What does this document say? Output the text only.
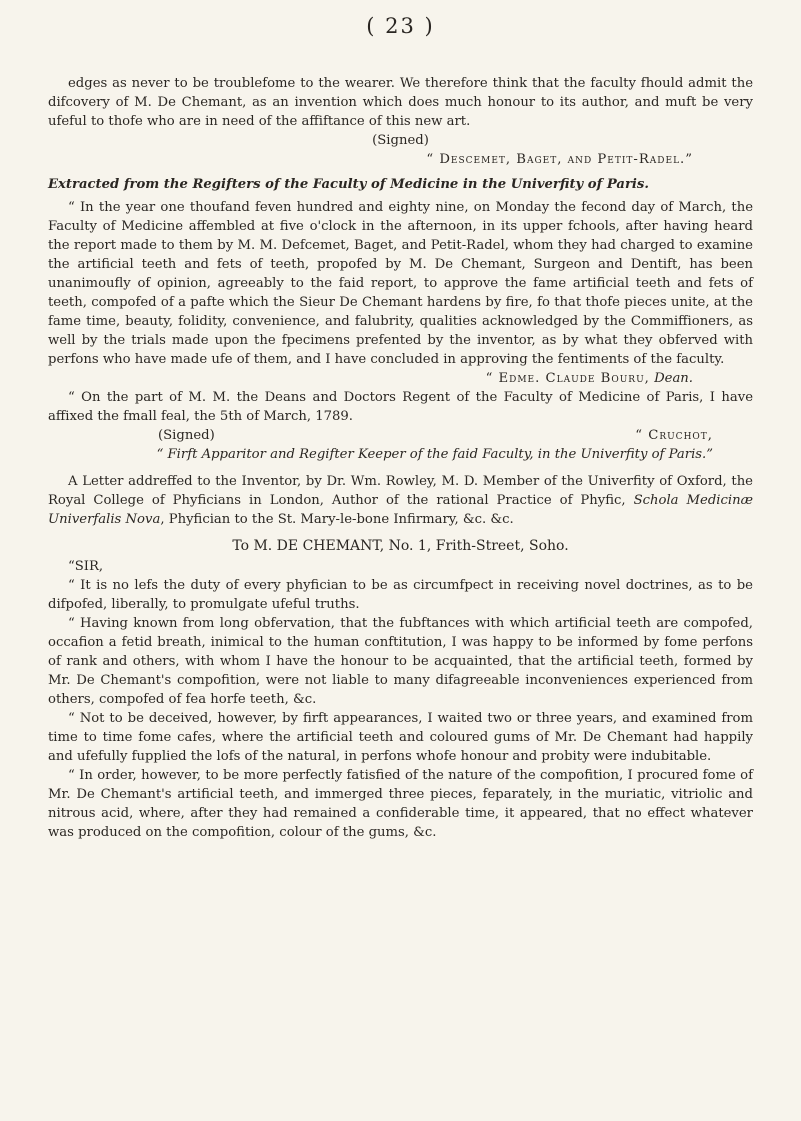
( 23 )

edges as never to be troublefome to the wearer. We therefore think that the faculty fhould admit the difcovery of M. De Chemant, as an invention which does much honour to its author, and muft be very ufeful to thofe who are in need of the affiftance of this new art.

(Signed)

“ Descemet, Baget, and Petit-Radel.”

Extracted from the Regifters of the Faculty of Medicine in the Univerfity of Paris.

“ In the year one thoufand feven hundred and eighty nine, on Monday the fecond day of March, the Faculty of Medicine affembled at five o'clock in the afternoon, in its upper fchools, after having heard the report made to them by M. M. Defcemet, Baget, and Petit-Radel, whom they had charged to examine the artificial teeth and fets of teeth, propofed by M. De Chemant, Surgeon and Dentift, has been unanimoufly of opinion, agreeably to the faid report, to approve the fame artificial teeth and fets of teeth, compofed of a pafte which the Sieur De Chemant hardens by fire, fo that thofe pieces unite, at the fame time, beauty, folidity, convenience, and falubrity, qualities acknowledged by the Commiffioners, as well by the trials made upon the fpecimens prefented by the inventor, as by what they obferved with perfons who have made ufe of them, and I have concluded in approving the fentiments of the faculty.

“ Edme. Claude Bouru, Dean.

“ On the part of M. M. the Deans and Doctors Regent of the Faculty of Medicine of Paris, I have affixed the fmall feal, the 5th of March, 1789.

(Signed)	“ Cruchot,

“ Firft Apparitor and Regifter Keeper of the faid Faculty, in the Univerfity of Paris.”

A Letter addreffed to the Inventor, by Dr. Wm. Rowley, M. D. Member of the Univerfity of Oxford, the Royal College of Phyficians in London, Author of the rational Practice of Phyfic, Schola Medicinæ Univerfalis Nova, Phyfician to the St. Mary-le-bone Infirmary, &c. &c.

To M. DE CHEMANT, No. 1, Frith-Street, Soho.

“SIR,

“ It is no lefs the duty of every phyfician to be as circumfpect in receiving novel doctrines, as to be difpofed, liberally, to promulgate ufeful truths.

“ Having known from long obfervation, that the fubftances with which artificial teeth are compofed, occafion a fetid breath, inimical to the human conftitution, I was happy to be informed by fome perfons of rank and others, with whom I have the honour to be acquainted, that the artificial teeth, formed by Mr. De Chemant's compofition, were not liable to many difagreeable inconveniences experienced from others, compofed of fea horfe teeth, &c.

“ Not to be deceived, however, by firft appearances, I waited two or three years, and examined from time to time fome cafes, where the artificial teeth and coloured gums of Mr. De Chemant had happily and ufefully fupplied the lofs of the natural, in perfons whofe honour and probity were indubitable.

“ In order, however, to be more perfectly fatisfied of the nature of the compofition, I procured fome of Mr. De Chemant's artificial teeth, and immerged three pieces, feparately, in the muriatic, vitriolic and nitrous acid, where, after they had remained a confiderable time, it appeared, that no effect whatever was produced on the compofition, colour of the gums, &c.
